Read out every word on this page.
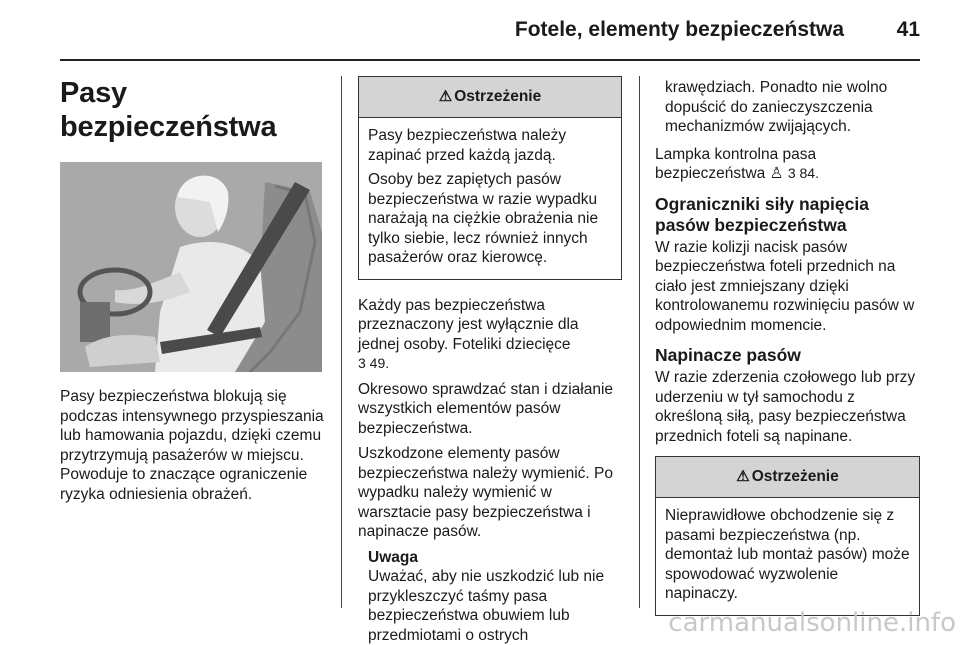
Fotele, elementy bezpieczeństwa	41
Pasy bezpieczeństwa

Pasy bezpieczeństwa blokują się podczas intensywnego przyspieszania lub hamowania pojazdu, dzięki czemu przytrzymują pasażerów w miejscu. Powoduje to znaczące ograniczenie ryzyka odniesienia obrażeń.

⚠ Ostrzeżenie

Pasy bezpieczeństwa należy zapinać przed każdą jazdą.

Osoby bez zapiętych pasów bezpieczeństwa w razie wypadku narażają na ciężkie obrażenia nie tylko siebie, lecz również innych pasażerów oraz kierowcę.

Każdy pas bezpieczeństwa przeznaczony jest wyłącznie dla jednej osoby. Foteliki dziecięce
3 49.

Okresowo sprawdzać stan i działanie wszystkich elementów pasów bezpieczeństwa.

Uszkodzone elementy pasów bezpieczeństwa należy wymienić. Po wypadku należy wymienić w warsztacie pasy bezpieczeństwa i napinacze pasów.

Uwaga
Uważać, aby nie uszkodzić lub nie przykleszczyć taśmy pasa bezpieczeństwa obuwiem lub przedmiotami o ostrych

krawędziach. Ponadto nie wolno dopuścić do zanieczyszczenia mechanizmów zwijających.

Lampka kontrolna pasa bezpieczeństwa ♙ 3 84.

Ograniczniki siły napięcia pasów bezpieczeństwa

W razie kolizji nacisk pasów bezpieczeństwa foteli przednich na ciało jest zmniejszany dzięki kontrolowanemu rozwinięciu pasów w odpowiednim momencie.

Napinacze pasów

W razie zderzenia czołowego lub przy uderzeniu w tył samochodu z określoną siłą, pasy bezpieczeństwa przednich foteli są napinane.

⚠ Ostrzeżenie

Nieprawidłowe obchodzenie się z pasami bezpieczeństwa (np. demontaż lub montaż pasów) może spowodować wyzwolenie napinaczy.

carmanualsonline.info
